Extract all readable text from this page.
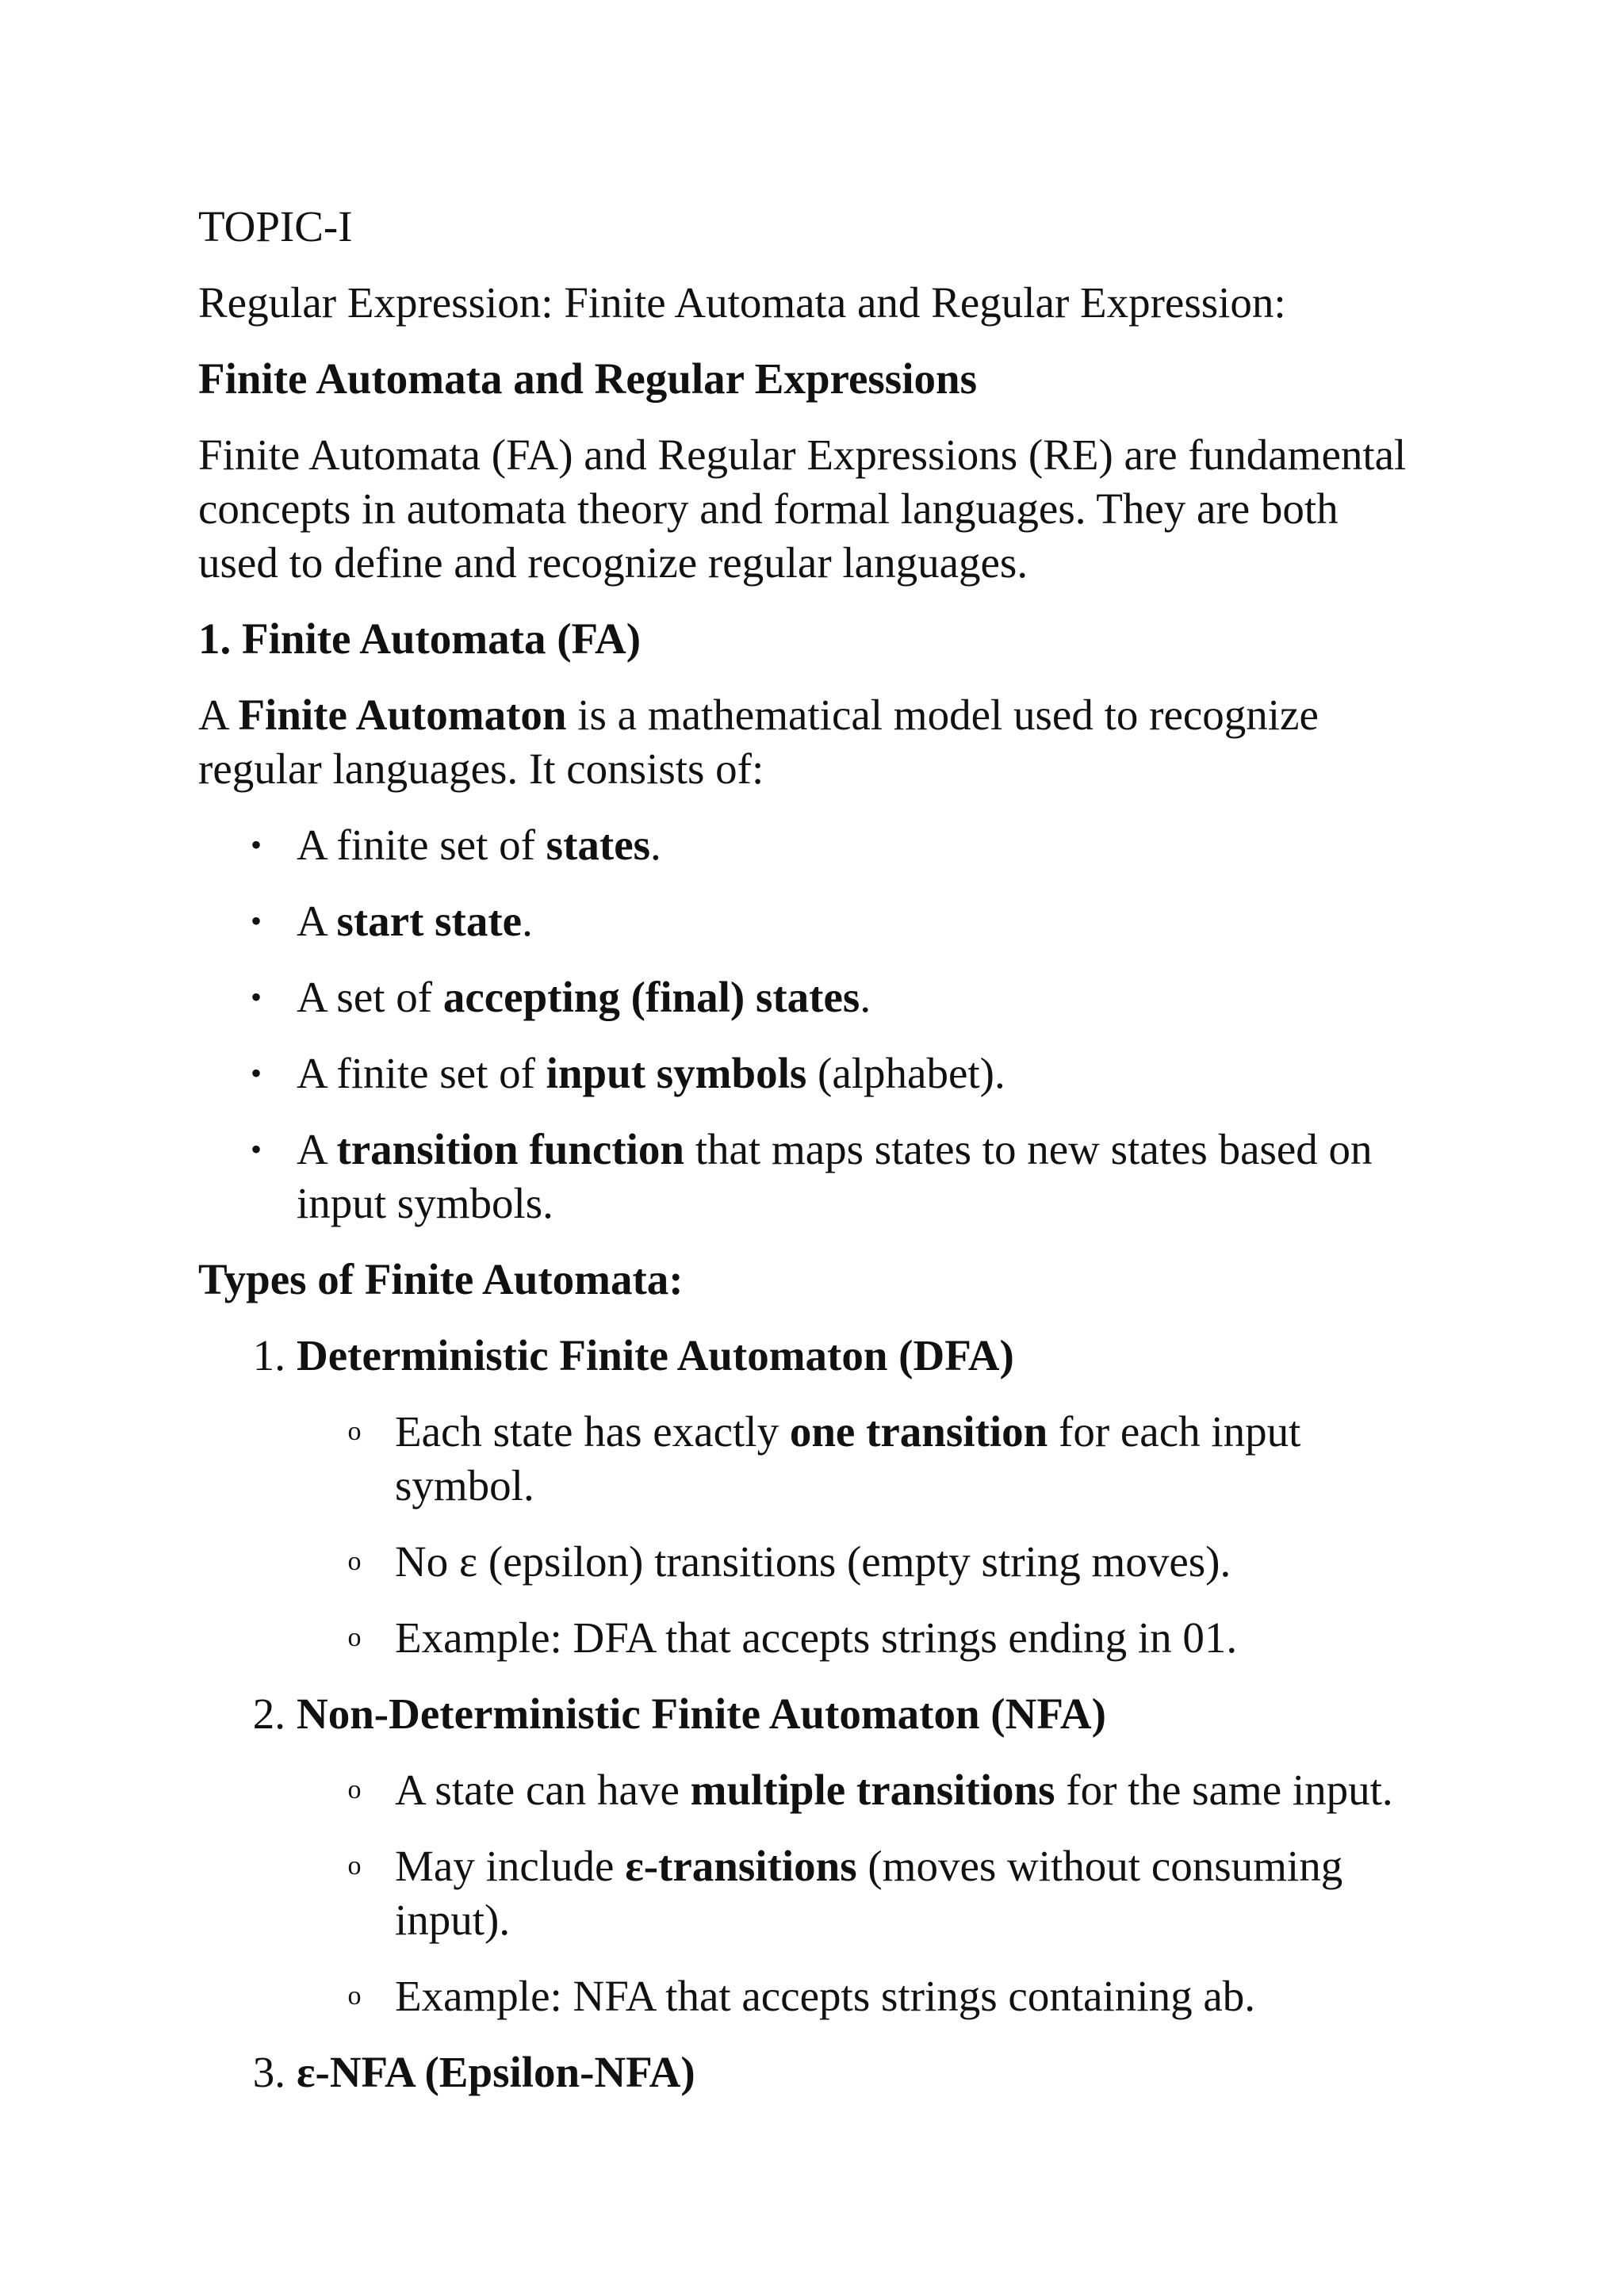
TOPIC-I

Regular Expression: Finite Automata and Regular Expression:

Finite Automata and Regular Expressions

Finite Automata (FA) and Regular Expressions (RE) are fundamental

concepts in automata theory and formal languages. They are both

used to define and recognize regular languages.

1. Finite Automata (FA)

A Finite Automaton is a mathematical model used to recognize

regular languages. It consists of:

• A finite set of states.

• A start state.

• A set of accepting (final) states.

• A finite set of input symbols (alphabet).

• A transition function that maps states to new states based on

input symbols.

Types of Finite Automata:

1. Deterministic Finite Automaton (DFA)

o Each state has exactly one transition for each input

symbol.

o No ε (epsilon) transitions (empty string moves).

o Example: DFA that accepts strings ending in 01.

2. Non-Deterministic Finite Automaton (NFA)

o A state can have multiple transitions for the same input.

o May include ε-transitions (moves without consuming

input).

o Example: NFA that accepts strings containing ab.

3. ε-NFA (Epsilon-NFA)
